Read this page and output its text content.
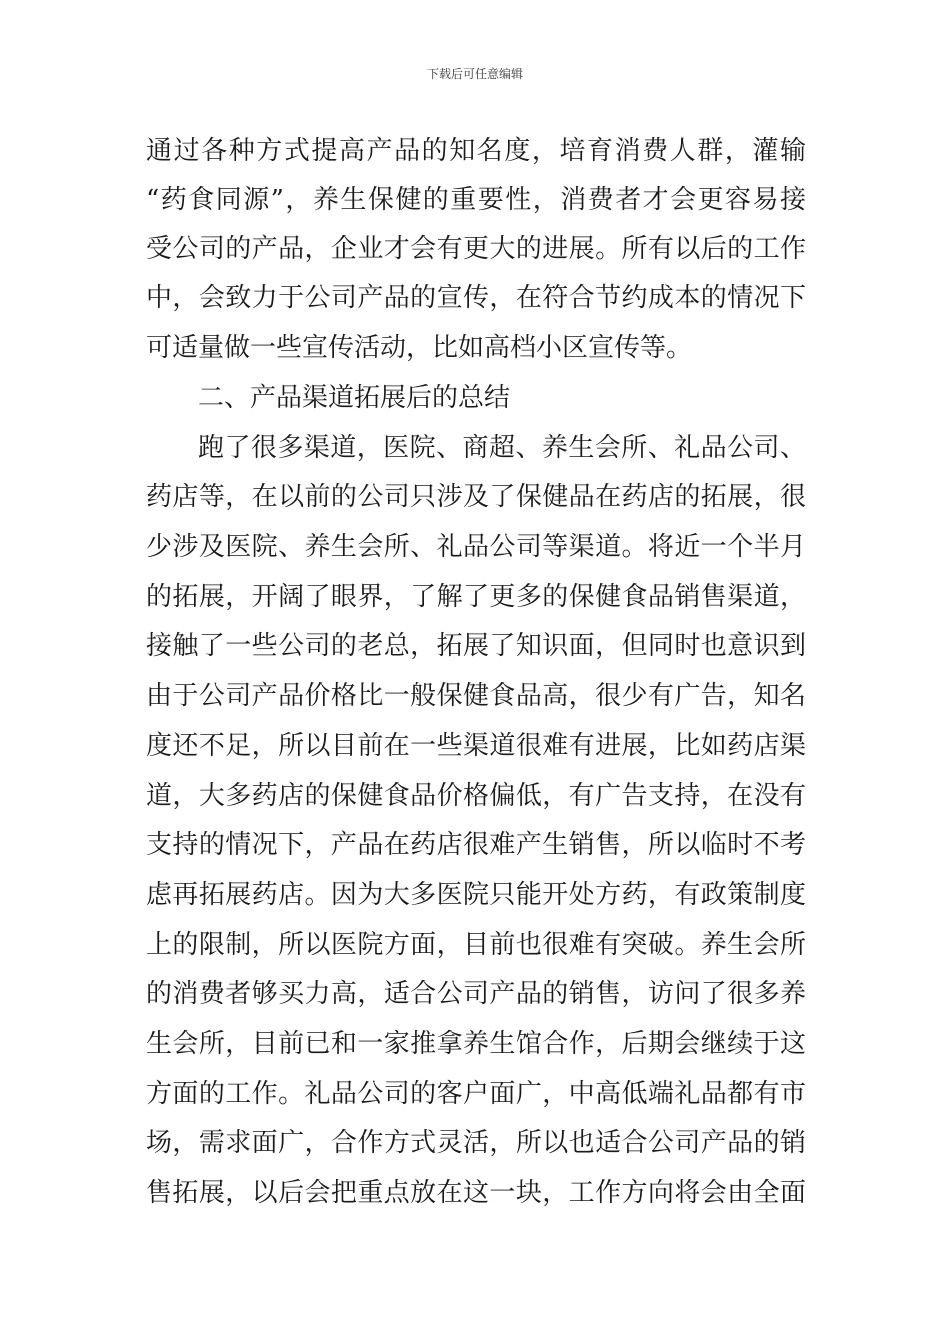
下载后可任意编辑
通过各种方式提高产品的知名度，培育消费人群，灌输
“药食同源”，养生保健的重要性，消费者才会更容易接
受公司的产品，企业才会有更大的进展。所有以后的工作
中，会致力于公司产品的宣传，在符合节约成本的情况下
可适量做一些宣传活动，比如高档小区宣传等。
二、产品渠道拓展后的总结
跑了很多渠道，医院、商超、养生会所、礼品公司、
药店等，在以前的公司只涉及了保健品在药店的拓展，很
少涉及医院、养生会所、礼品公司等渠道。将近一个半月
的拓展，开阔了眼界，了解了更多的保健食品销售渠道，
接触了一些公司的老总，拓展了知识面，但同时也意识到
由于公司产品价格比一般保健食品高，很少有广告，知名
度还不足，所以目前在一些渠道很难有进展，比如药店渠
道，大多药店的保健食品价格偏低，有广告支持，在没有
支持的情况下，产品在药店很难产生销售，所以临时不考
虑再拓展药店。因为大多医院只能开处方药，有政策制度
上的限制，所以医院方面，目前也很难有突破。养生会所
的消费者够买力高，适合公司产品的销售，访问了很多养
生会所，目前已和一家推拿养生馆合作，后期会继续于这
方面的工作。礼品公司的客户面广，中高低端礼品都有市
场，需求面广，合作方式灵活，所以也适合公司产品的销
售拓展，以后会把重点放在这一块，工作方向将会由全面
